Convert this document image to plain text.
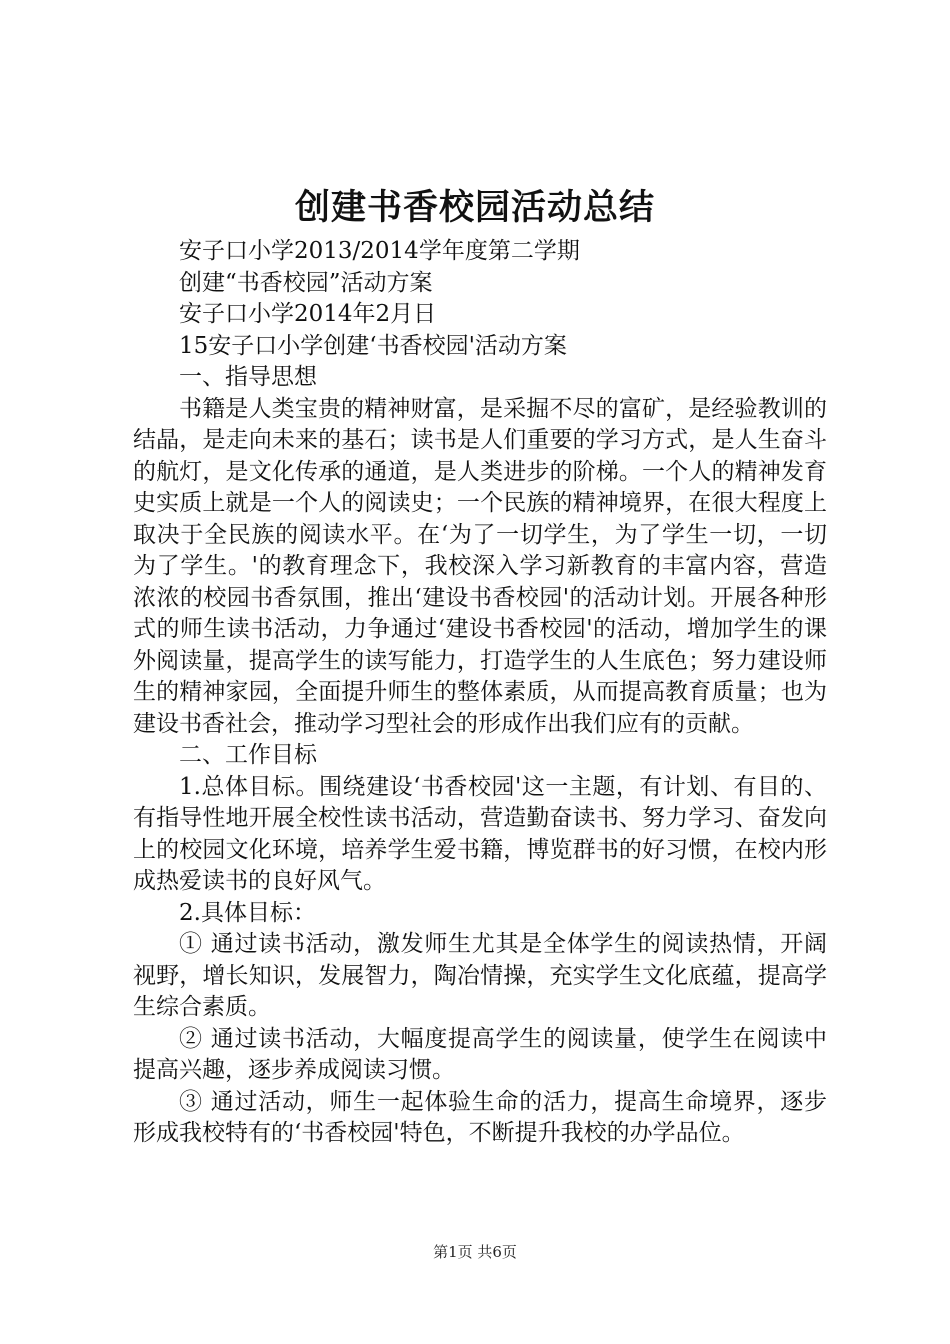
创建书香校园活动总结

安子口小学2013/2014学年度第二学期

创建“书香校园”活动方案

安子口小学2014年2月日

15安子口小学创建‘书香校园'活动方案

一、指导思想

书籍是人类宝贵的精神财富，是采掘不尽的富矿，是经验教训的结晶，是走向未来的基石；读书是人们重要的学习方式，是人生奋斗的航灯，是文化传承的通道，是人类进步的阶梯。一个人的精神发育史实质上就是一个人的阅读史；一个民族的精神境界，在很大程度上取决于全民族的阅读水平。在‘为了一切学生，为了学生一切，一切为了学生。'的教育理念下，我校深入学习新教育的丰富内容，营造浓浓的校园书香氛围，推出‘建设书香校园'的活动计划。开展各种形式的师生读书活动，力争通过‘建设书香校园'的活动，增加学生的课外阅读量，提高学生的读写能力，打造学生的人生底色；努力建设师生的精神家园，全面提升师生的整体素质，从而提高教育质量；也为建设书香社会，推动学习型社会的形成作出我们应有的贡献。

二、工作目标

1.总体目标。围绕建设‘书香校园'这一主题，有计划、有目的、有指导性地开展全校性读书活动，营造勤奋读书、努力学习、奋发向上的校园文化环境，培养学生爱书籍，博览群书的好习惯，在校内形成热爱读书的良好风气。

2.具体目标：

① 通过读书活动，激发师生尤其是全体学生的阅读热情，开阔视野，增长知识，发展智力，陶冶情操，充实学生文化底蕴，提高学生综合素质。

② 通过读书活动，大幅度提高学生的阅读量，使学生在阅读中提高兴趣，逐步养成阅读习惯。

③ 通过活动，师生一起体验生命的活力，提高生命境界，逐步形成我校特有的‘书香校园'特色，不断提升我校的办学品位。

第1页 共6页
